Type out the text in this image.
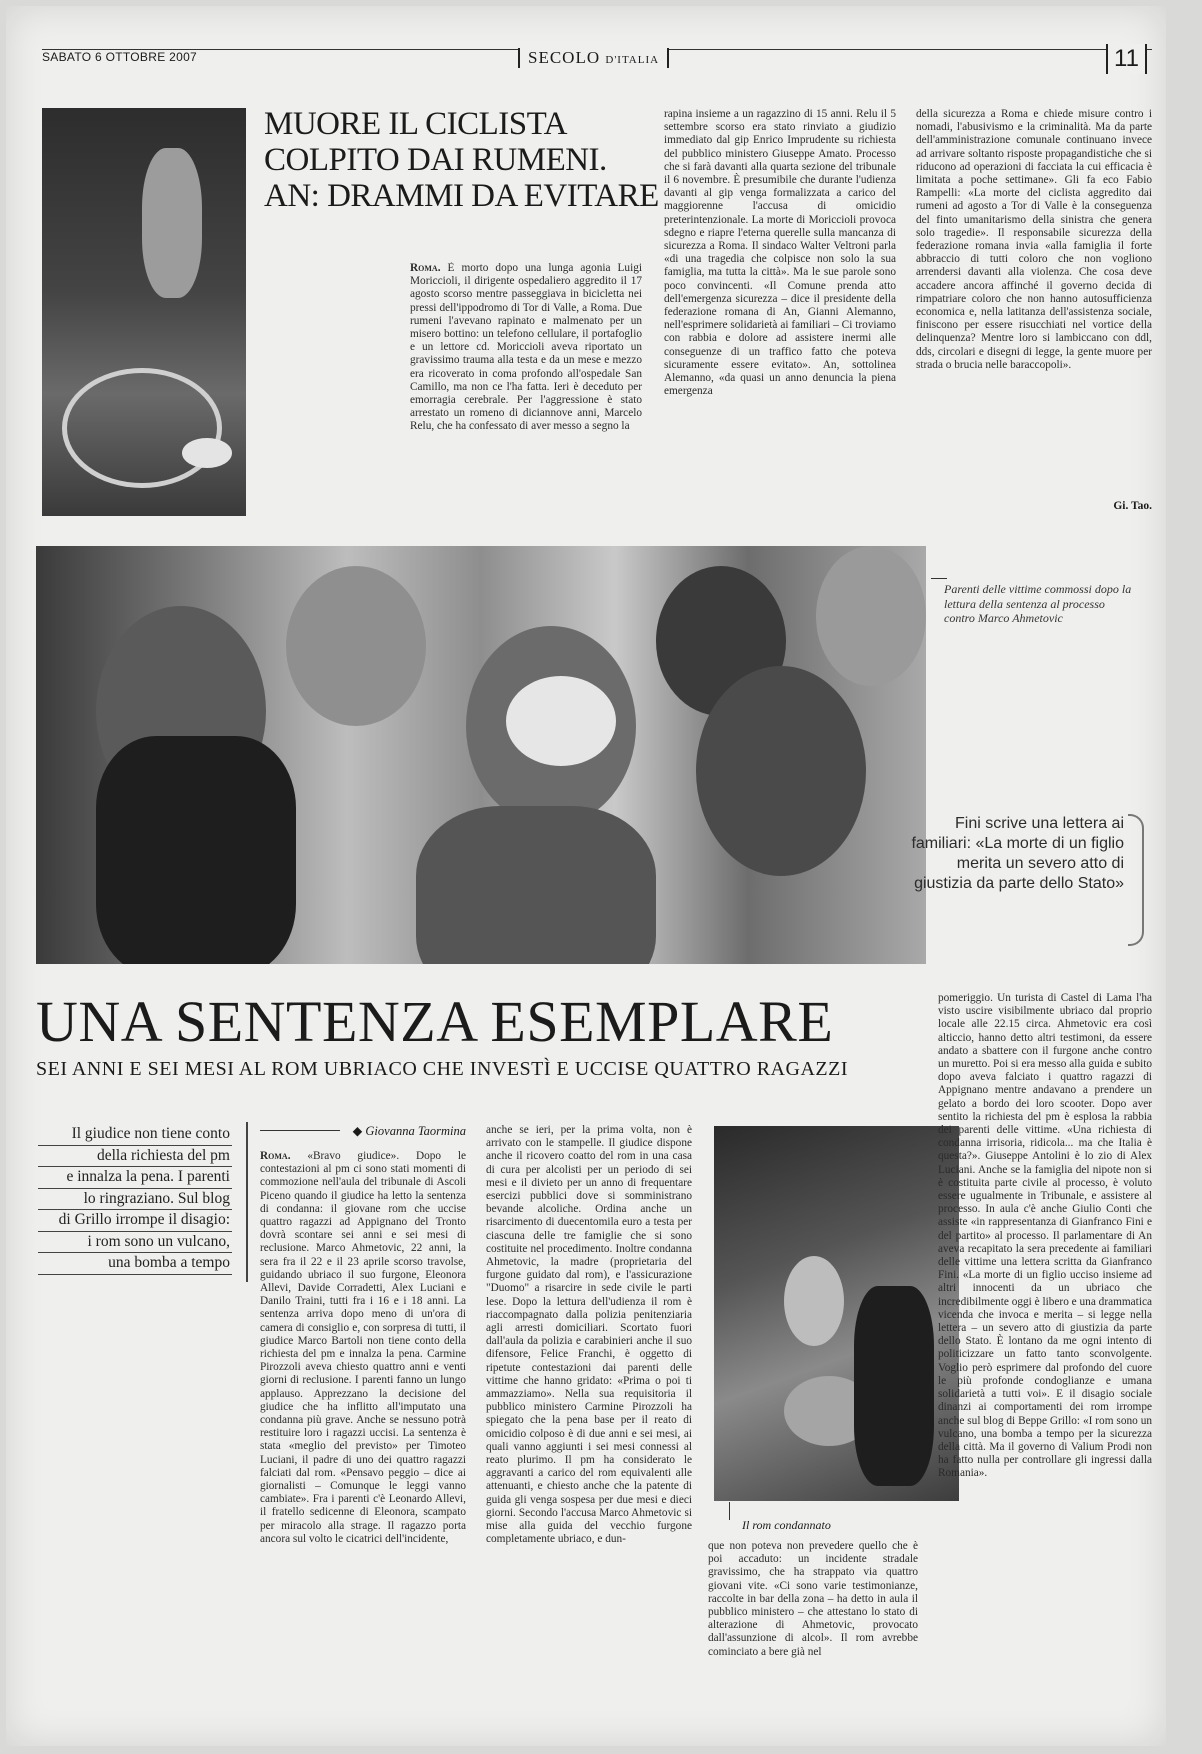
SABATO 6 OTTOBRE 2007	SECOLO D'ITALIA	11
MUORE IL CICLISTA
COLPITO DAI RUMENI.
AN: DRAMMI DA EVITARE

Roma. È morto dopo una lunga agonia Luigi Moriccioli, il dirigente ospedaliero aggredito il 17 agosto scorso mentre passeggiava in bicicletta nei pressi dell'ippodromo di Tor di Valle, a Roma. Due rumeni l'avevano rapinato e malmenato per un misero bottino: un telefono cellulare, il portafoglio e un lettore cd. Moriccioli aveva riportato un gravissimo trauma alla testa e da un mese e mezzo era ricoverato in coma profondo all'ospedale San Camillo, ma non ce l'ha fatta. Ieri è deceduto per emorragia cerebrale. Per l'aggressione è stato arrestato un romeno di diciannove anni, Marcelo Relu, che ha confessato di aver messo a segno la

rapina insieme a un ragazzino di 15 anni. Relu il 5 settembre scorso era stato rinviato a giudizio immediato dal gip Enrico Imprudente su richiesta del pubblico ministero Giuseppe Amato. Processo che si farà davanti alla quarta sezione del tribunale il 6 novembre. È presumibile che durante l'udienza davanti al gip venga formalizzata a carico del maggiorenne l'accusa di omicidio preterintenzionale. La morte di Moriccioli provoca sdegno e riapre l'eterna querelle sulla mancanza di sicurezza a Roma. Il sindaco Walter Veltroni parla «di una tragedia che colpisce non solo la sua famiglia, ma tutta la città». Ma le sue parole sono poco convincenti. «Il Comune prenda atto dell'emergenza sicurezza – dice il presidente della federazione romana di An, Gianni Alemanno, nell'esprimere solidarietà ai familiari – Ci troviamo con rabbia e dolore ad assistere inermi alle conseguenze di un traffico fatto che poteva sicuramente essere evitato». An, sottolinea Alemanno, «da quasi un anno denuncia la piena emergenza

della sicurezza a Roma e chiede misure contro i nomadi, l'abusivismo e la criminalità. Ma da parte dell'amministrazione comunale continuano invece ad arrivare soltanto risposte propagandistiche che si riducono ad operazioni di facciata la cui efficacia è limitata a poche settimane». Gli fa eco Fabio Rampelli: «La morte del ciclista aggredito dai rumeni ad agosto a Tor di Valle è la conseguenza del finto umanitarismo della sinistra che genera solo tragedie». Il responsabile sicurezza della federazione romana invia «alla famiglia il forte abbraccio di tutti coloro che non vogliono arrendersi davanti alla violenza. Che cosa deve accadere ancora affinché il governo decida di rimpatriare coloro che non hanno autosufficienza economica e, nella latitanza dell'assistenza sociale, finiscono per essere risucchiati nel vortice della delinquenza? Mentre loro si lambiccano con ddl, dds, circolari e disegni di legge, la gente muore per strada o brucia nelle baraccopoli».

Gi. Tao.
Parenti delle vittime commossi dopo la lettura della sentenza al processo contro Marco Ahmetovic
Fini scrive una lettera ai familiari: «La morte di un figlio merita un severo atto di giustizia da parte dello Stato»
UNA SENTENZA ESEMPLARE
SEI ANNI E SEI MESI AL ROM UBRIACO CHE INVESTÌ E UCCISE QUATTRO RAGAZZI
Il giudice non tiene conto
della richiesta del pm
e innalza la pena. I parenti
lo ringraziano. Sul blog
di Grillo irrompe il disagio:
i rom sono un vulcano,
una bomba a tempo
◆ Giovanna Taormina

Roma. «Bravo giudice». Dopo le contestazioni al pm ci sono stati momenti di commozione nell'aula del tribunale di Ascoli Piceno quando il giudice ha letto la sentenza di condanna: il giovane rom che uccise quattro ragazzi ad Appignano del Tronto dovrà scontare sei anni e sei mesi di reclusione. Marco Ahmetovic, 22 anni, la sera fra il 22 e il 23 aprile scorso travolse, guidando ubriaco il suo furgone, Eleonora Allevi, Davide Corradetti, Alex Luciani e Danilo Traini, tutti fra i 16 e i 18 anni. La sentenza arriva dopo meno di un'ora di camera di consiglio e, con sorpresa di tutti, il giudice Marco Bartoli non tiene conto della richiesta del pm e innalza la pena. Carmine Pirozzoli aveva chiesto quattro anni e venti giorni di reclusione. I parenti fanno un lungo applauso. Apprezzano la decisione del giudice che ha inflitto all'imputato una condanna più grave. Anche se nessuno potrà restituire loro i ragazzi uccisi. La sentenza è stata «meglio del previsto» per Timoteo Luciani, il padre di uno dei quattro ragazzi falciati dal rom. «Pensavo peggio – dice ai giornalisti – Comunque le leggi vanno cambiate». Fra i parenti c'è Leonardo Allevi, il fratello sedicenne di Eleonora, scampato per miracolo alla strage. Il ragazzo porta ancora sul volto le cicatrici dell'incidente,

anche se ieri, per la prima volta, non è arrivato con le stampelle. Il giudice dispone anche il ricovero coatto del rom in una casa di cura per alcolisti per un periodo di sei mesi e il divieto per un anno di frequentare esercizi pubblici dove si somministrano bevande alcoliche. Ordina anche un risarcimento di duecentomila euro a testa per ciascuna delle tre famiglie che si sono costituite nel procedimento. Inoltre condanna Ahmetovic, la madre (proprietaria del furgone guidato dal rom), e l'assicurazione "Duomo" a risarcire in sede civile le parti lese. Dopo la lettura dell'udienza il rom è riaccompagnato dalla polizia penitenziaria agli arresti domiciliari. Scortato fuori dall'aula da polizia e carabinieri anche il suo difensore, Felice Franchi, è oggetto di ripetute contestazioni dai parenti delle vittime che hanno gridato: «Prima o poi ti ammazziamo». Nella sua requisitoria il pubblico ministero Carmine Pirozzoli ha spiegato che la pena base per il reato di omicidio colposo è di due anni e sei mesi, ai quali vanno aggiunti i sei mesi connessi al reato plurimo. Il pm ha considerato le aggravanti a carico del rom equivalenti alle attenuanti, e chiesto anche che la patente di guida gli venga sospesa per due mesi e dieci giorni. Secondo l'accusa Marco Ahmetovic si mise alla guida del vecchio furgone completamente ubriaco, e dun-

Il rom condannato

que non poteva non prevedere quello che è poi accaduto: un incidente stradale gravissimo, che ha strappato via quattro giovani vite. «Ci sono varie testimonianze, raccolte in bar della zona – ha detto in aula il pubblico ministero – che attestano lo stato di alterazione di Ahmetovic, provocato dall'assunzione di alcol». Il rom avrebbe cominciato a bere già nel

pomeriggio. Un turista di Castel di Lama l'ha visto uscire visibilmente ubriaco dal proprio locale alle 22.15 circa. Ahmetovic era così alticcio, hanno detto altri testimoni, da essere andato a sbattere con il furgone anche contro un muretto. Poi si era messo alla guida e subito dopo aveva falciato i quattro ragazzi di Appignano mentre andavano a prendere un gelato a bordo dei loro scooter. Dopo aver sentito la richiesta del pm è esplosa la rabbia dei parenti delle vittime. «Una richiesta di condanna irrisoria, ridicola... ma che Italia è questa?». Giuseppe Antolini è lo zio di Alex Luciani. Anche se la famiglia del nipote non si è costituita parte civile al processo, è voluto essere ugualmente in Tribunale, e assistere al processo. In aula c'è anche Giulio Conti che assiste «in rappresentanza di Gianfranco Fini e del partito» al processo. Il parlamentare di An aveva recapitato la sera precedente ai familiari delle vittime una lettera scritta da Gianfranco Fini. «La morte di un figlio ucciso insieme ad altri innocenti da un ubriaco che incredibilmente oggi è libero e una drammatica vicenda che invoca e merita – si legge nella lettera – un severo atto di giustizia da parte dello Stato. È lontano da me ogni intento di politicizzare un fatto tanto sconvolgente. Voglio però esprimere dal profondo del cuore le più profonde condoglianze e umana solidarietà a tutti voi». E il disagio sociale dinanzi ai comportamenti dei rom irrompe anche sul blog di Beppe Grillo: «I rom sono un vulcano, una bomba a tempo per la sicurezza della città. Ma il governo di Valium Prodi non ha fatto nulla per controllare gli ingressi dalla Romania».
